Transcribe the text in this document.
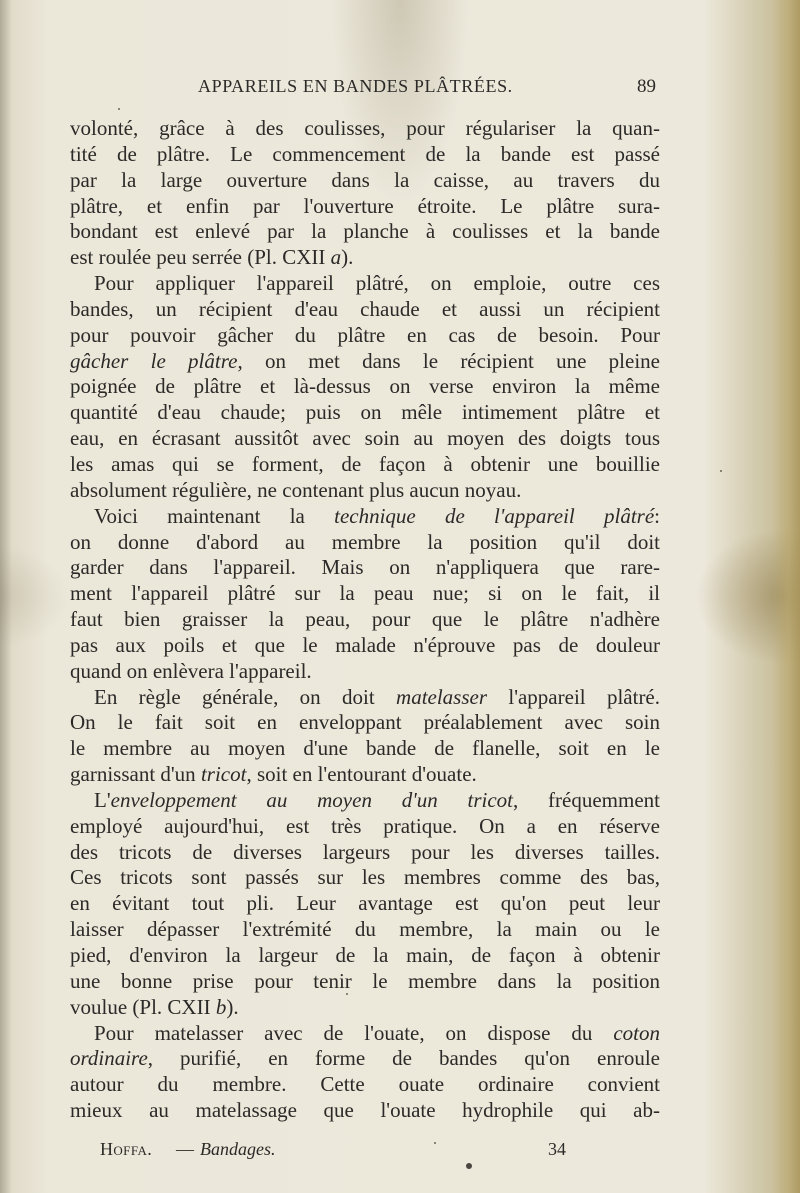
APPAREILS EN BANDES PLÂTRÉES.	89
volonté, grâce à des coulisses, pour régulariser la quan-
tité de plâtre. Le commencement de la bande est passé
par la large ouverture dans la caisse, au travers du
plâtre, et enfin par l'ouverture étroite. Le plâtre sura-
bondant est enlevé par la planche à coulisses et la bande
est roulée peu serrée (Pl. CXII a).
Pour appliquer l'appareil plâtré, on emploie, outre ces
bandes, un récipient d'eau chaude et aussi un récipient
pour pouvoir gâcher du plâtre en cas de besoin. Pour
gâcher le plâtre, on met dans le récipient une pleine
poignée de plâtre et là-dessus on verse environ la même
quantité d'eau chaude; puis on mêle intimement plâtre et
eau, en écrasant aussitôt avec soin au moyen des doigts tous
les amas qui se forment, de façon à obtenir une bouillie
absolument régulière, ne contenant plus aucun noyau.
Voici maintenant la technique de l'appareil plâtré:
on donne d'abord au membre la position qu'il doit
garder dans l'appareil. Mais on n'appliquera que rare-
ment l'appareil plâtré sur la peau nue; si on le fait, il
faut bien graisser la peau, pour que le plâtre n'adhère
pas aux poils et que le malade n'éprouve pas de douleur
quand on enlèvera l'appareil.
En règle générale, on doit matelasser l'appareil plâtré.
On le fait soit en enveloppant préalablement avec soin
le membre au moyen d'une bande de flanelle, soit en le
garnissant d'un tricot, soit en l'entourant d'ouate.
L'enveloppement au moyen d'un tricot, fréquemment
employé aujourd'hui, est très pratique. On a en réserve
des tricots de diverses largeurs pour les diverses tailles.
Ces tricots sont passés sur les membres comme des bas,
en évitant tout pli. Leur avantage est qu'on peut leur
laisser dépasser l'extrémité du membre, la main ou le
pied, d'environ la largeur de la main, de façon à obtenir
une bonne prise pour tenir le membre dans la position
voulue (Pl. CXII b).
Pour matelasser avec de l'ouate, on dispose du coton
ordinaire, purifié, en forme de bandes qu'on enroule
autour du membre. Cette ouate ordinaire convient
mieux au matelassage que l'ouate hydrophile qui ab-
Hoffa. — Bandages.	34
